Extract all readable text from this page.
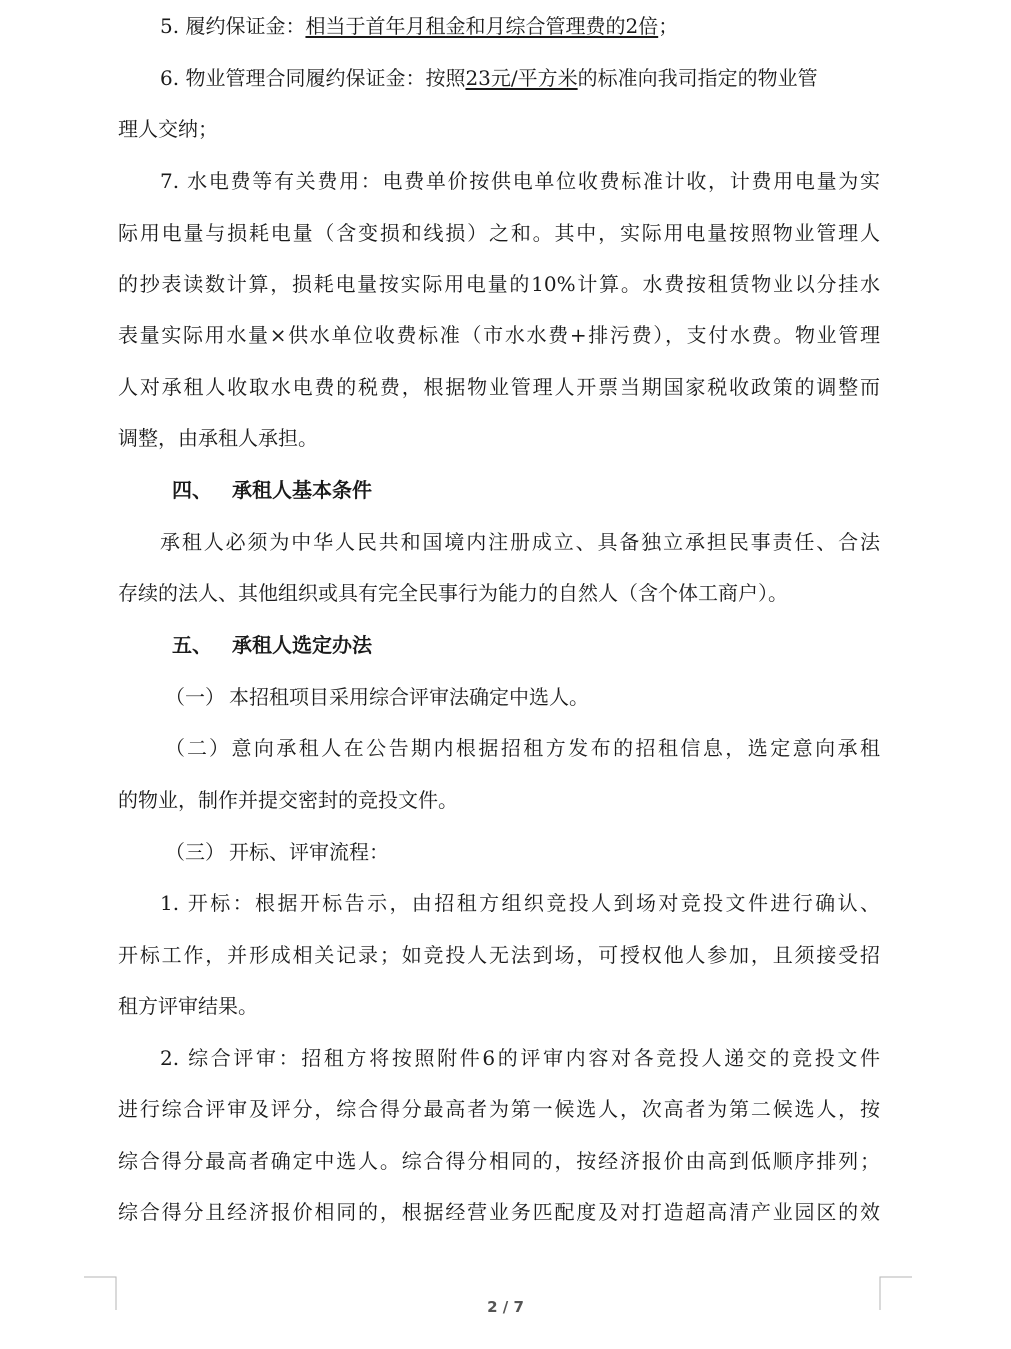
5. 履约保证金：相当于首年月租金和月综合管理费的2倍；
6. 物业管理合同履约保证金：按照23元/平方米的标准向我司指定的物业管
理人交纳；
7. 水电费等有关费用：电费单价按供电单位收费标准计收，计费用电量为实
际用电量与损耗电量（含变损和线损）之和。其中，实际用电量按照物业管理人
的抄表读数计算，损耗电量按实际用电量的10%计算。水费按租赁物业以分挂水
表量实际用水量×供水单位收费标准（市水水费+排污费），支付水费。物业管理
人对承租人收取水电费的税费，根据物业管理人开票当期国家税收政策的调整而
调整，由承租人承担。
四、 承租人基本条件
承租人必须为中华人民共和国境内注册成立、具备独立承担民事责任、合法
存续的法人、其他组织或具有完全民事行为能力的自然人（含个体工商户）。
五、 承租人选定办法
（一） 本招租项目采用综合评审法确定中选人。
（二）意向承租人在公告期内根据招租方发布的招租信息，选定意向承租
的物业，制作并提交密封的竞投文件。
（三） 开标、评审流程：
1. 开标：根据开标告示，由招租方组织竞投人到场对竞投文件进行确认、
开标工作，并形成相关记录；如竞投人无法到场，可授权他人参加，且须接受招
租方评审结果。
2. 综合评审：招租方将按照附件6的评审内容对各竞投人递交的竞投文件
进行综合评审及评分，综合得分最高者为第一候选人，次高者为第二候选人，按
综合得分最高者确定中选人。综合得分相同的，按经济报价由高到低顺序排列；
综合得分且经济报价相同的，根据经营业务匹配度及对打造超高清产业园区的效
2 / 7
